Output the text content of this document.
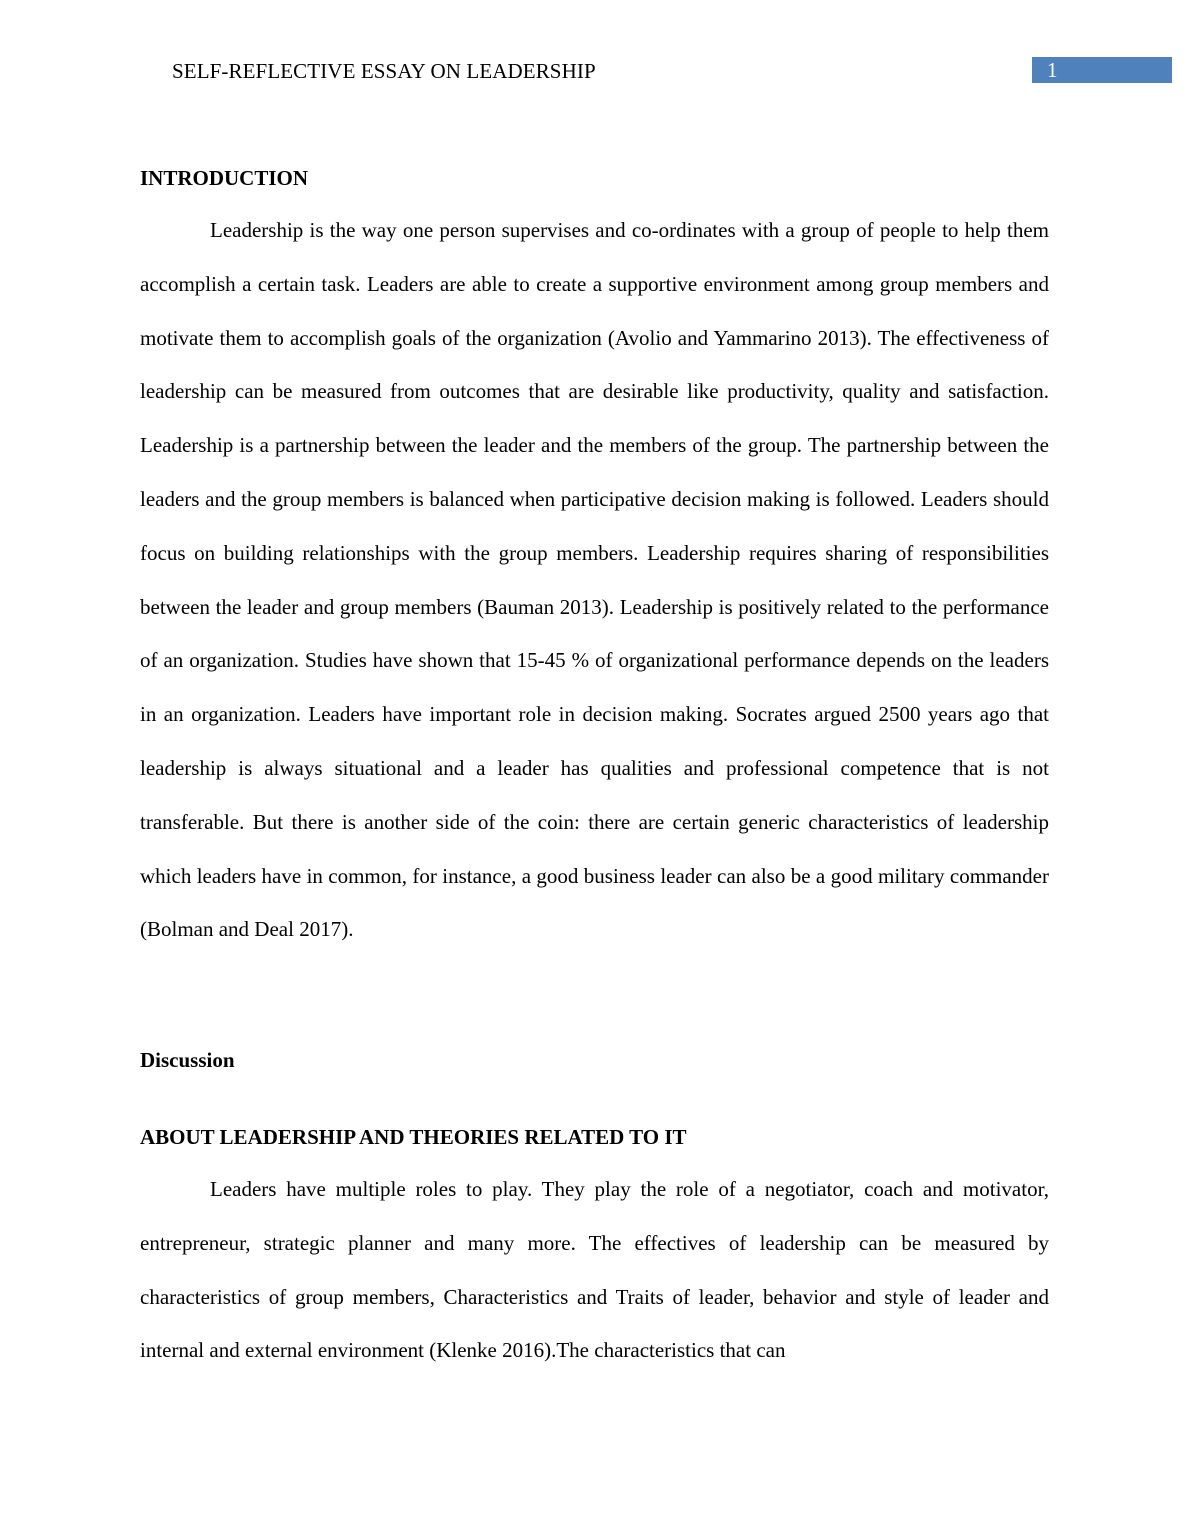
SELF-REFLECTIVE ESSAY ON LEADERSHIP	1
INTRODUCTION

Leadership is the way one person supervises and co-ordinates with a group of people to help them accomplish a certain task. Leaders are able to create a supportive environment among group members and motivate them to accomplish goals of the organization (Avolio and Yammarino 2013). The effectiveness of leadership can be measured from outcomes that are desirable like productivity, quality and satisfaction. Leadership is a partnership between the leader and the members of the group. The partnership between the leaders and the group members is balanced when participative decision making is followed. Leaders should focus on building relationships with the group members. Leadership requires sharing of responsibilities between the leader and group members (Bauman 2013). Leadership is positively related to the performance of an organization. Studies have shown that 15-45 % of organizational performance depends on the leaders in an organization. Leaders have important role in decision making. Socrates argued 2500 years ago that leadership is always situational and a leader has qualities and professional competence that is not transferable. But there is another side of the coin: there are certain generic characteristics of leadership which leaders have in common, for instance, a good business leader can also be a good military commander (Bolman and Deal 2017).

Discussion
ABOUT LEADERSHIP AND THEORIES RELATED TO IT

Leaders have multiple roles to play. They play the role of a negotiator, coach and motivator, entrepreneur, strategic planner and many more. The effectives of leadership can be measured by characteristics of group members, Characteristics and Traits of leader, behavior and style of leader and internal and external environment (Klenke 2016).The characteristics that can
